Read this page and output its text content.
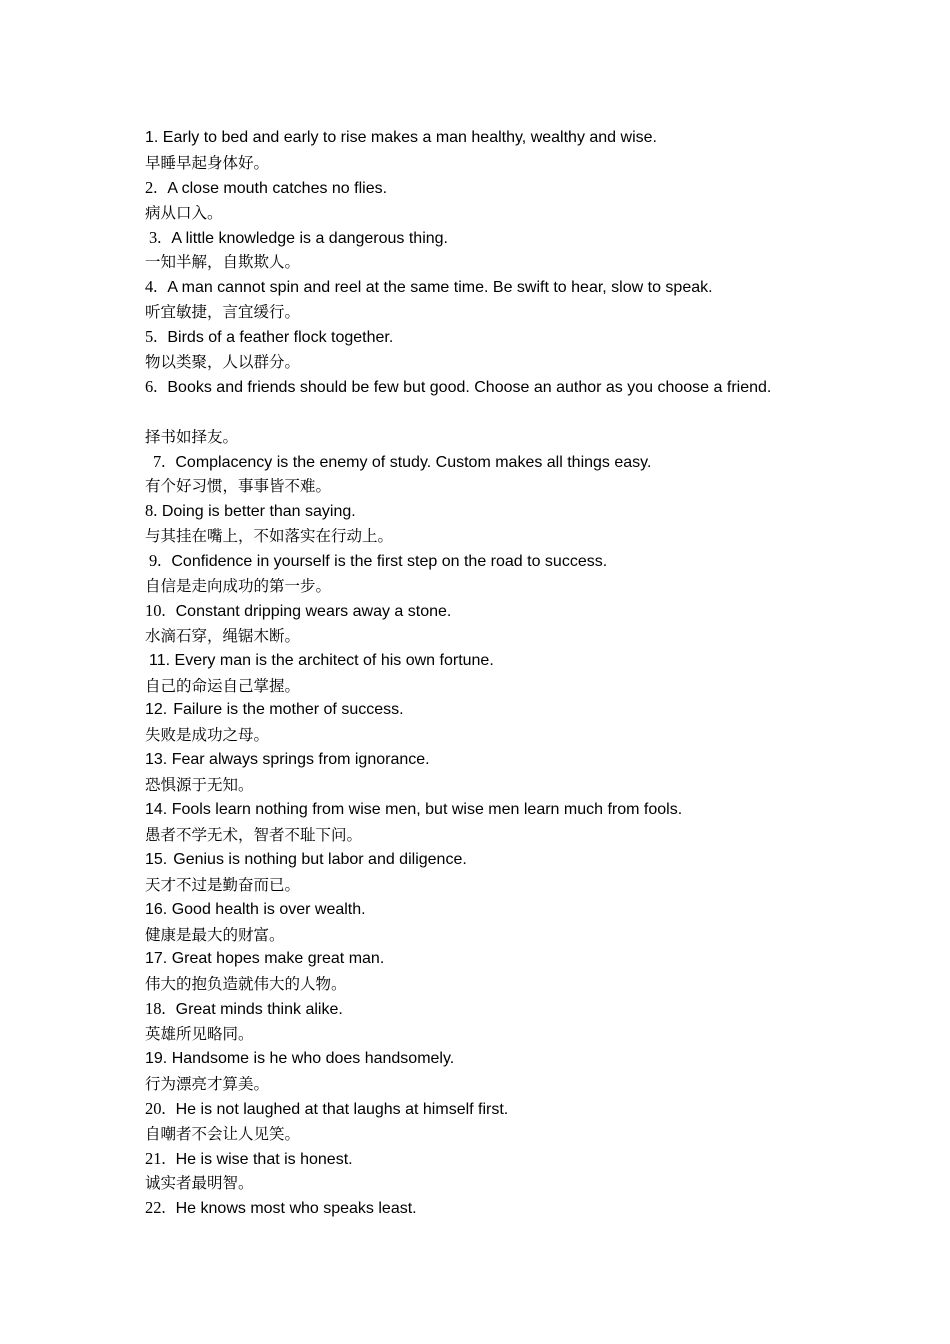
1. Early to bed and early to rise makes a man healthy, wealthy and wise.
早睡早起身体好。
2. A close mouth catches no flies.
病从口入。
3. A little knowledge is a dangerous thing.
一知半解，自欺欺人。
4. A man cannot spin and reel at the same time. Be swift to hear, slow to speak.
听宜敏捷，言宜缓行。
5. Birds of a feather flock together.
物以类聚，人以群分。
6. Books and friends should be few but good. Choose an author as you choose a friend.
择书如择友。
7. Complacency is the enemy of study. Custom makes all things easy.
有个好习惯，事事皆不难。
8. Doing is better than saying.
与其挂在嘴上，不如落实在行动上。
9. Confidence in yourself is the first step on the road to success.
自信是走向成功的第一步。
10. Constant dripping wears away a stone.
水滴石穿，绳锯木断。
11. Every man is the architect of his own fortune.
自己的命运自己掌握。
12. Failure is the mother of success.
失败是成功之母。
13. Fear always springs from ignorance.
恐惧源于无知。
14. Fools learn nothing from wise men, but wise men learn much from fools.
愚者不学无术，智者不耻下问。
15. Genius is nothing but labor and diligence.
天才不过是勤奋而已。
16. Good health is over wealth.
健康是最大的财富。
17. Great hopes make great man.
伟大的抱负造就伟大的人物。
18. Great minds think alike.
英雄所见略同。
19. Handsome is he who does handsomely.
行为漂亮才算美。
20. He is not laughed at that laughs at himself first.
自嘲者不会让人见笑。
21. He is wise that is honest.
诚实者最明智。
22. He knows most who speaks least.
